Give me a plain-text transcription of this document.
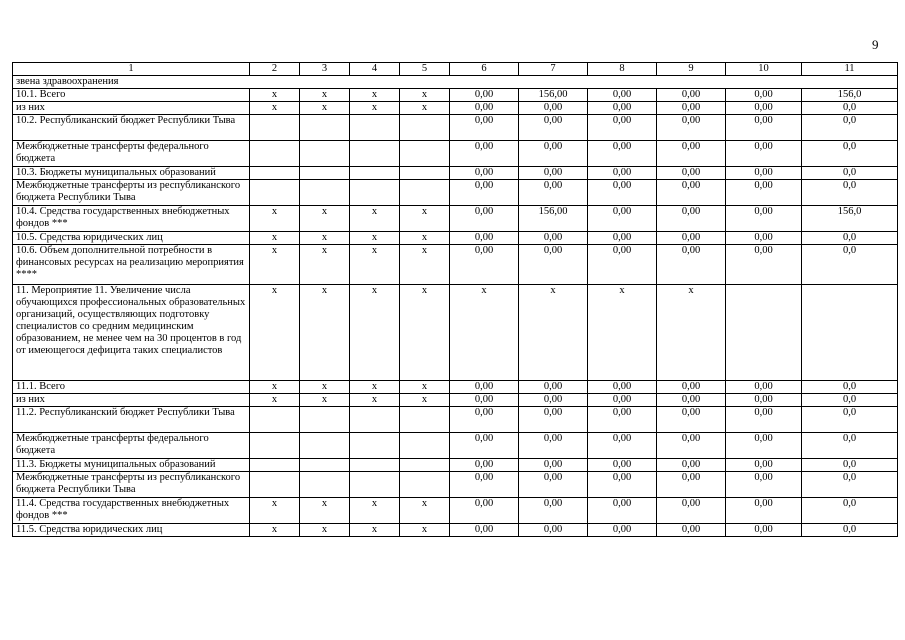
9
1	2	3	4	5	6	7	8	9	10	11
звена здравоохранения										
10.1. Всего	х	х	х	х	0,00	156,00	0,00	0,00	0,00	156,0
из них	х	х	х	х	0,00	0,00	0,00	0,00	0,00	0,0
10.2. Республиканский бюджет Республики Тыва					0,00	0,00	0,00	0,00	0,00	0,0
Межбюджетные трансферты федерального бюджета					0,00	0,00	0,00	0,00	0,00	0,0
10.3. Бюджеты муниципальных образований					0,00	0,00	0,00	0,00	0,00	0,0
Межбюджетные трансферты из республиканского бюджета Республики Тыва					0,00	0,00	0,00	0,00	0,00	0,0
10.4. Средства государственных внебюджетных фондов ***	х	х	х	х	0,00	156,00	0,00	0,00	0,00	156,0
10.5. Средства юридических лиц	х	х	х	х	0,00	0,00	0,00	0,00	0,00	0,0
10.6. Объем дополнительной потребности в финансовых ресурсах на реализацию мероприятия ****	х	х	х	х	0,00	0,00	0,00	0,00	0,00	0,0
11. Мероприятие 11. Увеличение числа обучающихся профессиональных образовательных организаций, осуществляющих подготовку специалистов со средним медицинским образованием, не менее чем на 30 процентов в год от имеющегося дефицита таких специалистов	х	х	х	х	х	х	х	х		
11.1. Всего	х	х	х	х	0,00	0,00	0,00	0,00	0,00	0,0
из них	х	х	х	х	0,00	0,00	0,00	0,00	0,00	0,0
11.2. Республиканский бюджет Республики Тыва					0,00	0,00	0,00	0,00	0,00	0,0
Межбюджетные трансферты федерального бюджета					0,00	0,00	0,00	0,00	0,00	0,0
11.3. Бюджеты муниципальных образований					0,00	0,00	0,00	0,00	0,00	0,0
Межбюджетные трансферты из республиканского бюджета Республики Тыва					0,00	0,00	0,00	0,00	0,00	0,0
11.4. Средства государственных внебюджетных фондов ***	х	х	х	х	0,00	0,00	0,00	0,00	0,00	0,0
11.5. Средства юридических лиц	х	х	х	х	0,00	0,00	0,00	0,00	0,00	0,0
